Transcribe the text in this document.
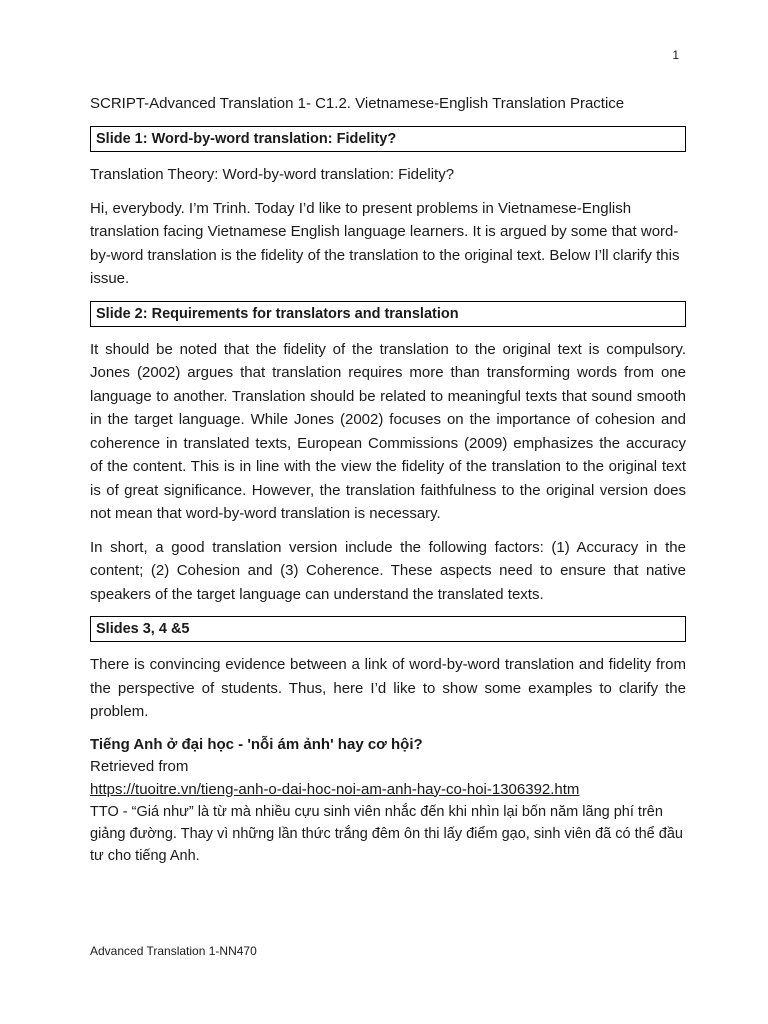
1
SCRIPT-Advanced Translation 1- C1.2. Vietnamese-English Translation Practice
Slide 1: Word-by-word translation: Fidelity?

Translation Theory: Word-by-word translation: Fidelity?

Hi, everybody. I’m Trinh. Today I’d like to present problems in Vietnamese-English translation facing Vietnamese English language learners. It is argued by some that word-by-word translation is the fidelity of the translation to the original text. Below I’ll clarify this issue.

Slide 2: Requirements for translators and translation

It should be noted that the fidelity of the translation to the original text is compulsory. Jones (2002) argues that translation requires more than transforming words from one language to another. Translation should be related to meaningful texts that sound smooth in the target language. While Jones (2002) focuses on the importance of cohesion and coherence in translated texts, European Commissions (2009) emphasizes the accuracy of the content. This is in line with the view the fidelity of the translation to the original text is of great significance. However, the translation faithfulness to the original version does not mean that word-by-word translation is necessary.

In short, a good translation version include the following factors: (1) Accuracy in the content; (2) Cohesion and (3) Coherence. These aspects need to ensure that native speakers of the target language can understand the translated texts.

Slides 3, 4 &5

There is convincing evidence between a link of word-by-word translation and fidelity from the perspective of students. Thus, here I’d like to show some examples to clarify the problem.

Tiếng Anh ở đại học - 'nỗi ám ảnh' hay cơ hội?
Retrieved from
https://tuoitre.vn/tieng-anh-o-dai-hoc-noi-am-anh-hay-co-hoi-1306392.htm

TTO - “Giá như” là từ mà nhiều cựu sinh viên nhắc đến khi nhìn lại bốn năm lãng phí trên giảng đường. Thay vì những lần thức trắng đêm ôn thi lấy điểm gạo, sinh viên đã có thể đầu tư cho tiếng Anh.

Advanced Translation 1-NN470
